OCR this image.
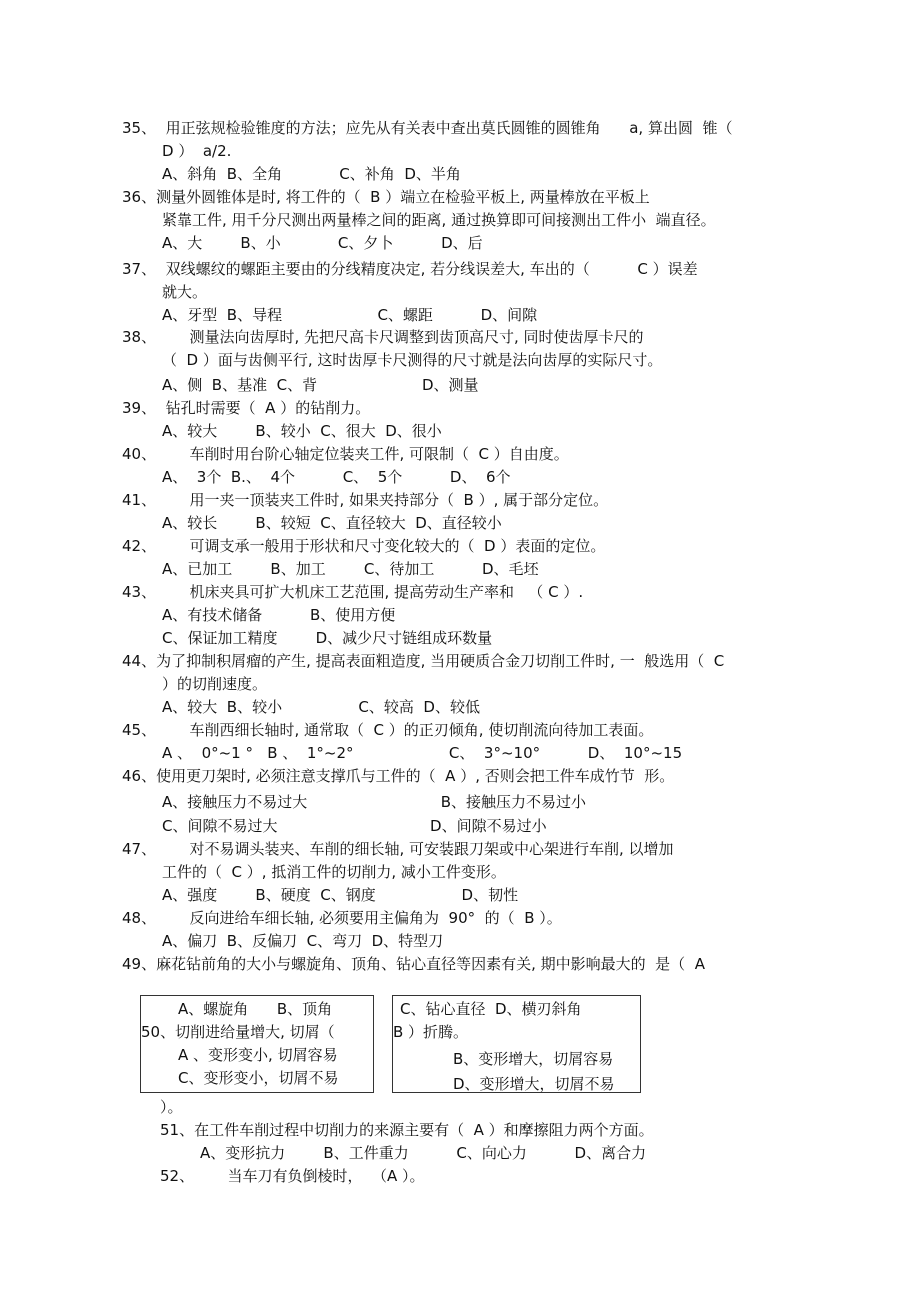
35、  用正弦规检验锥度的方法；应先从有关表中查出莫氏圆锥的圆锥角      a, 算出圆  锥（
D ）  a/2.
A、斜角  B、全角            C、补角  D、半角
36、测量外圆锥体是时, 将工件的（  B ）端立在检验平板上, 两量棒放在平板上
紧靠工件, 用千分尺测出两量棒之间的距离, 通过换算即可间接测出工件小  端直径。
A、大        B、小            C、夕卜          D、后
37、  双线螺纹的螺距主要由的分线精度决定, 若分线误差大, 车出的（          C ）误差
就大。
A、牙型  B、导程                    C、螺距          D、间隙
38、       测量法向齿厚时, 先把尺高卡尺调整到齿顶高尺寸, 同时使齿厚卡尺的
（  D ）面与齿侧平行, 这时齿厚卡尺测得的尺寸就是法向齿厚的实际尺寸。
A、侧  B、基准  C、背                      D、测量
39、  钻孔时需要（  A ）的钻削力。
A、较大        B、较小  C、很大  D、很小
40、       车削时用台阶心轴定位装夹工件, 可限制（  C ）自由度。
A、  3个  B.、  4个          C、  5个          D、  6个
41、       用一夹一顶装夹工件时, 如果夹持部分（  B ）, 属于部分定位。
A、较长        B、较短  C、直径较大  D、直径较小
42、       可调支承一般用于形状和尺寸变化较大的（  D ）表面的定位。
A、已加工        B、加工        C、待加工          D、毛坯
43、       机床夹具可扩大机床工艺范围, 提高劳动生产率和   （ C ）.
A、有技术储备          B、使用方便
C、保证加工精度        D、减少尺寸链组成环数量
44、为了抑制积屑瘤的产生, 提高表面粗造度, 当用硬质合金刀切削工件时, 一  般选用（  C
）的切削速度。
A、较大  B、较小                C、较高  D、较低
45、       车削西细长轴时, 通常取（  C ）的正刃倾角, 使切削流向待加工表面。
A 、  0°~1 °   B 、  1°~2°                    C、  3°~10°          D、  10°~15
46、使用更刀架时, 必须注意支撑爪与工件的（  A ）, 否则会把工件车成竹节  形。
A、接触压力不易过大                            B、接触压力不易过小
C、间隙不易过大                                D、间隙不易过小
47、       对不易调头装夹、车削的细长轴, 可安装跟刀架或中心架进行车削, 以增加
工件的（  C ）, 抵消工件的切削力, 减小工件变形。
A、强度        B、硬度  C、钢度                  D、韧性
48、       反向进给车细长轴, 必须要用主偏角为  90°  的（  B ）。
A、偏刀  B、反偏刀  C、弯刀  D、特型刀
49、麻花钻前角的大小与螺旋角、顶角、钻心直径等因素有关, 期中影响最大的  是（  A
A、螺旋角      B、顶角
50、切削进给量增大, 切屑（
A 、变形变小, 切屑容易
C、变形变小，切屑不易
C、钻心直径  D、横刃斜角
B ）折腾。
B、变形增大，切屑容易
D、变形增大，切屑不易
）。
51、在工件车削过程中切削力的来源主要有（  A ）和摩擦阻力两个方面。
A、变形抗力        B、工件重力          C、向心力          D、离合力
52、       当车刀有负倒棱时，  （A ）。
